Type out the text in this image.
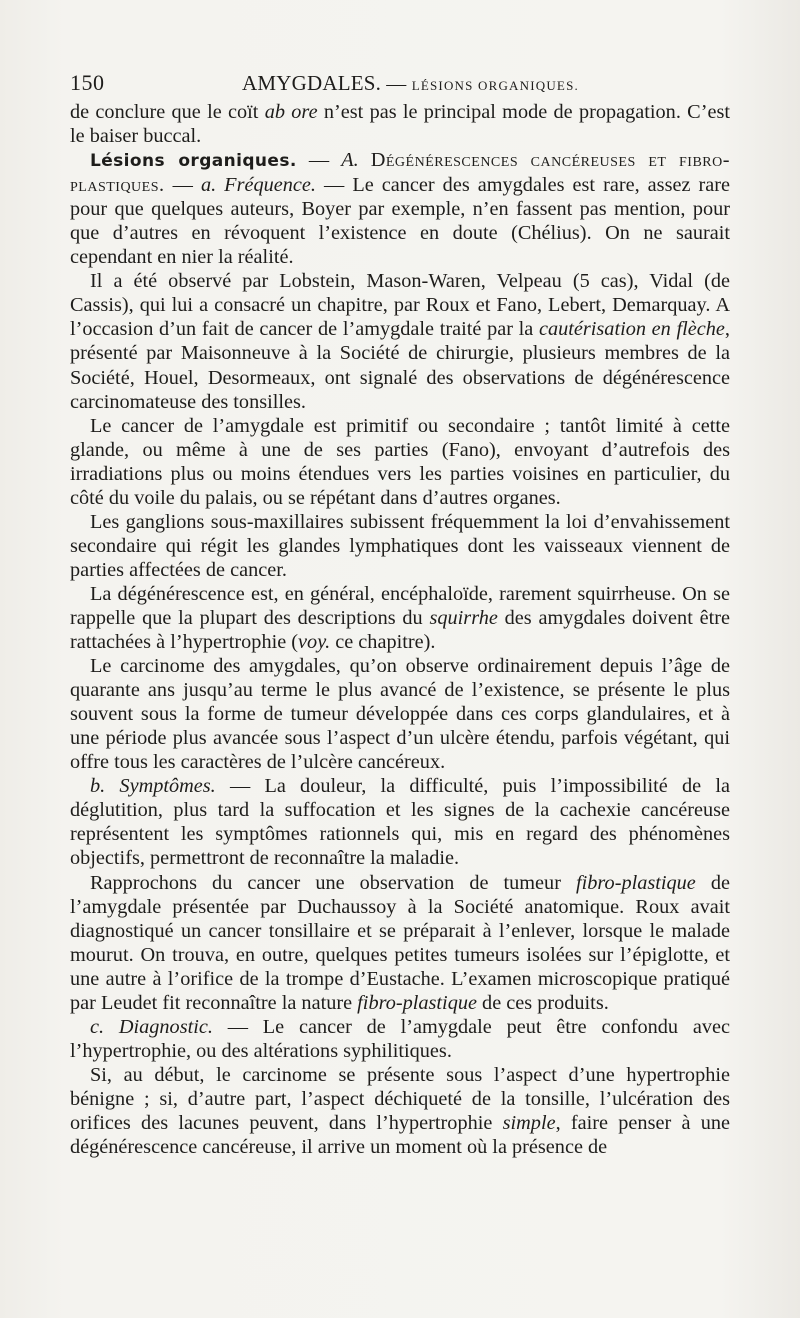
150	AMYGDALES. — LÉSIONS ORGANIQUES.

de conclure que le coït ab ore n’est pas le principal mode de propagation. C’est le baiser buccal.

Lésions organiques. — A. Dégénérescences cancéreuses et fibro-plastiques. — a. Fréquence. — Le cancer des amygdales est rare, assez rare pour que quelques auteurs, Boyer par exemple, n’en fassent pas mention, pour que d’autres en révoquent l’existence en doute (Chélius). On ne saurait cependant en nier la réalité.

Il a été observé par Lobstein, Mason-Waren, Velpeau (5 cas), Vidal (de Cassis), qui lui a consacré un chapitre, par Roux et Fano, Lebert, Demarquay. A l’occasion d’un fait de cancer de l’amygdale traité par la cautérisation en flèche, présenté par Maisonneuve à la Société de chirurgie, plusieurs membres de la Société, Houel, Desormeaux, ont signalé des observations de dégénérescence carcinomateuse des tonsilles.

Le cancer de l’amygdale est primitif ou secondaire ; tantôt limité à cette glande, ou même à une de ses parties (Fano), envoyant d’autrefois des irradiations plus ou moins étendues vers les parties voisines en particulier, du côté du voile du palais, ou se répétant dans d’autres organes.

Les ganglions sous-maxillaires subissent fréquemment la loi d’envahissement secondaire qui régit les glandes lymphatiques dont les vaisseaux viennent de parties affectées de cancer.

La dégénérescence est, en général, encéphaloïde, rarement squirrheuse. On se rappelle que la plupart des descriptions du squirrhe des amygdales doivent être rattachées à l’hypertrophie (voy. ce chapitre).

Le carcinome des amygdales, qu’on observe ordinairement depuis l’âge de quarante ans jusqu’au terme le plus avancé de l’existence, se présente le plus souvent sous la forme de tumeur développée dans ces corps glandulaires, et à une période plus avancée sous l’aspect d’un ulcère étendu, parfois végétant, qui offre tous les caractères de l’ulcère cancéreux.

b. Symptômes. — La douleur, la difficulté, puis l’impossibilité de la déglutition, plus tard la suffocation et les signes de la cachexie cancéreuse représentent les symptômes rationnels qui, mis en regard des phénomènes objectifs, permettront de reconnaître la maladie.

Rapprochons du cancer une observation de tumeur fibro-plastique de l’amygdale présentée par Duchaussoy à la Société anatomique. Roux avait diagnostiqué un cancer tonsillaire et se préparait à l’enlever, lorsque le malade mourut. On trouva, en outre, quelques petites tumeurs isolées sur l’épiglotte, et une autre à l’orifice de la trompe d’Eustache. L’examen microscopique pratiqué par Leudet fit reconnaître la nature fibro-plastique de ces produits.

c. Diagnostic. — Le cancer de l’amygdale peut être confondu avec l’hypertrophie, ou des altérations syphilitiques.

Si, au début, le carcinome se présente sous l’aspect d’une hypertrophie bénigne ; si, d’autre part, l’aspect déchiqueté de la tonsille, l’ulcération des orifices des lacunes peuvent, dans l’hypertrophie simple, faire penser à une dégénérescence cancéreuse, il arrive un moment où la présence de
